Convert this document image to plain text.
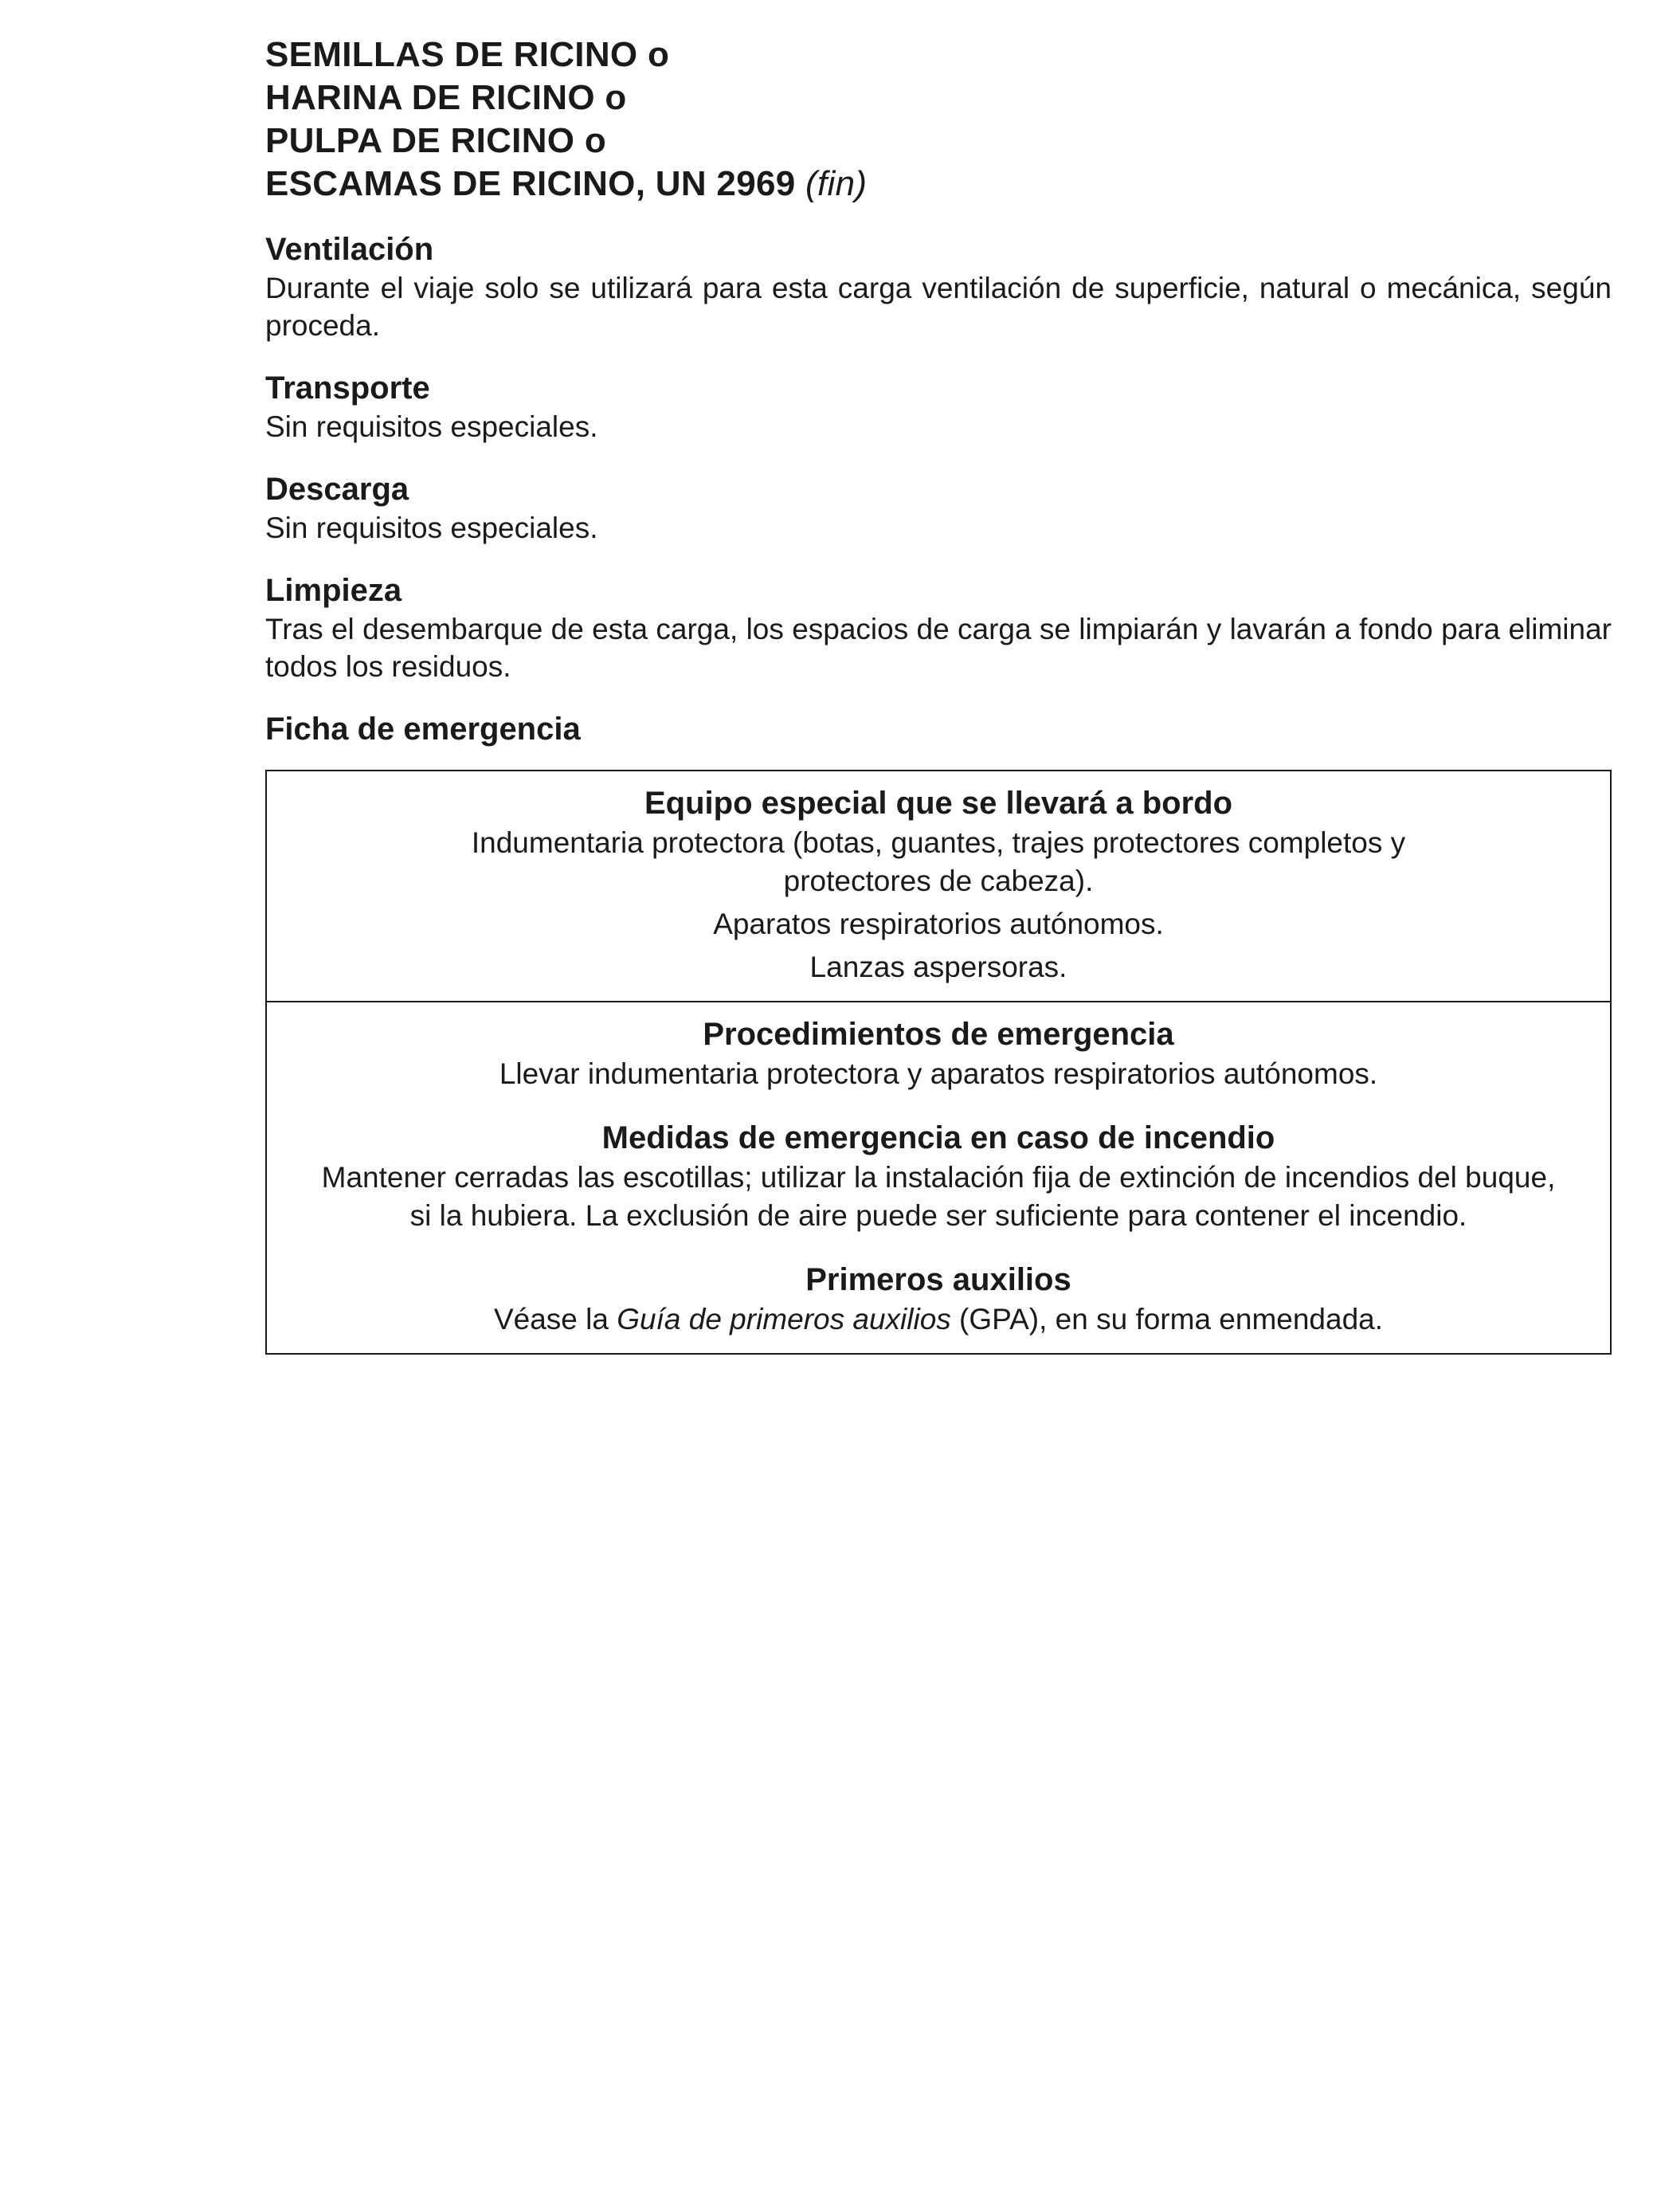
SEMILLAS DE RICINO o

HARINA DE RICINO o

PULPA DE RICINO o

ESCAMAS DE RICINO, UN 2969 (fin)

Ventilación

Durante el viaje solo se utilizará para esta carga ventilación de superficie, natural o mecánica, según proceda.

Transporte

Sin requisitos especiales.

Descarga

Sin requisitos especiales.

Limpieza

Tras el desembarque de esta carga, los espacios de carga se limpiarán y lavarán a fondo para eliminar todos los residuos.

Ficha de emergencia

Equipo especial que se llevará a bordo

Indumentaria protectora (botas, guantes, trajes protectores completos y

protectores de cabeza).

Aparatos respiratorios autónomos.

Lanzas aspersoras.

Procedimientos de emergencia

Llevar indumentaria protectora y aparatos respiratorios autónomos.

Medidas de emergencia en caso de incendio

Mantener cerradas las escotillas; utilizar la instalación fija de extinción de incendios del buque,

si la hubiera. La exclusión de aire puede ser suficiente para contener el incendio.

Primeros auxilios

Véase la Guía de primeros auxilios (GPA), en su forma enmendada.
